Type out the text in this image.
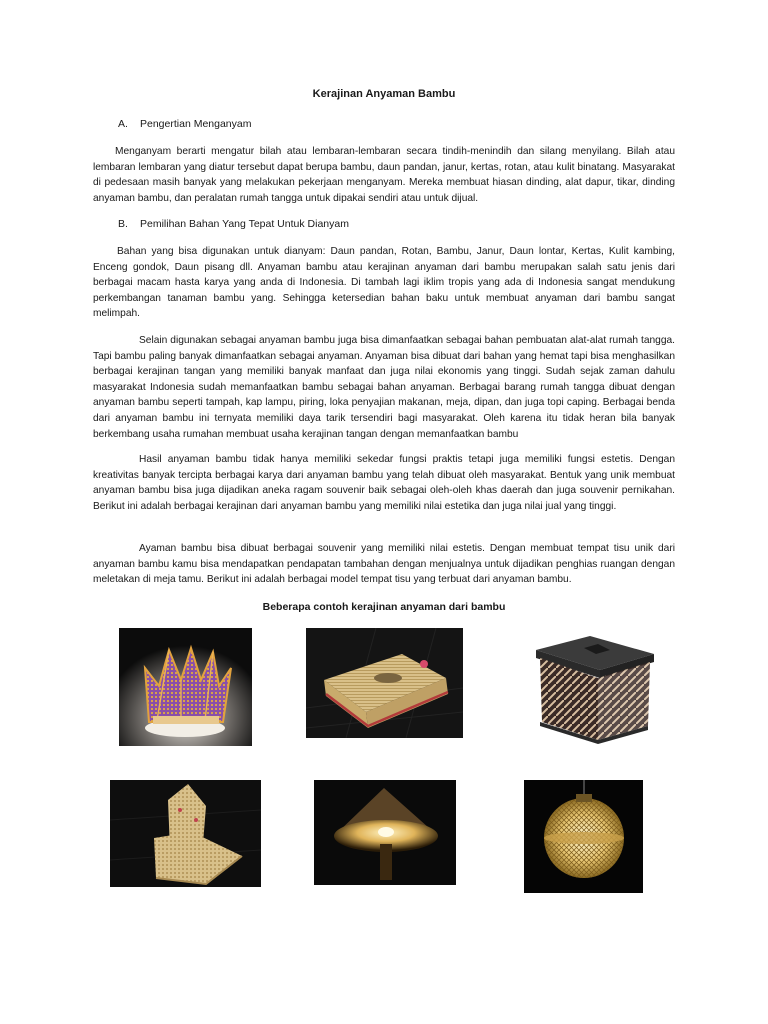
Kerajinan Anyaman Bambu
A. Pengertian Menganyam

Menganyam berarti mengatur bilah atau lembaran-lembaran secara tindih-menindih dan silang menyilang. Bilah atau lembaran lembaran yang diatur tersebut dapat berupa bambu, daun pandan, janur, kertas, rotan, atau kulit binatang. Masyarakat di pedesaan masih banyak yang melakukan pekerjaan menganyam. Mereka membuat hiasan dinding, alat dapur, tikar, dinding anyaman bambu, dan peralatan rumah tangga untuk dipakai sendiri atau untuk dijual.

B. Pemilihan Bahan Yang Tepat Untuk Dianyam

Bahan yang bisa digunakan untuk dianyam: Daun pandan, Rotan, Bambu, Janur, Daun lontar, Kertas, Kulit kambing, Enceng gondok, Daun pisang dll. Anyaman bambu atau kerajinan anyaman dari bambu merupakan salah satu jenis dari berbagai macam hasta karya yang anda di Indonesia. Di tambah lagi iklim tropis yang ada di Indonesia sangat mendukung perkembangan tanaman bambu yang. Sehingga ketersedian bahan baku untuk membuat anyaman dari bambu sangat melimpah.

Selain digunakan sebagai anyaman bambu juga bisa dimanfaatkan sebagai bahan pembuatan alat-alat rumah tangga. Tapi bambu paling banyak dimanfaatkan sebagai anyaman. Anyaman bisa dibuat dari bahan yang hemat tapi bisa menghasilkan berbagai kerajinan tangan yang memiliki banyak manfaat dan juga nilai ekonomis yang tinggi. Sudah sejak zaman dahulu masyarakat Indonesia sudah memanfaatkan bambu sebagai bahan anyaman. Berbagai barang rumah tangga dibuat dengan anyaman bambu seperti tampah, kap lampu, piring, loka penyajian makanan, meja, dipan, dan juga topi caping. Berbagai benda dari anyaman bambu ini ternyata memiliki daya tarik tersendiri bagi masyarakat. Oleh karena itu tidak heran bila banyak berkembang usaha rumahan membuat usaha kerajinan tangan dengan memanfaatkan bambu

Hasil anyaman bambu tidak hanya memiliki sekedar fungsi praktis tetapi juga memiliki fungsi estetis. Dengan kreativitas banyak tercipta berbagai karya dari anyaman bambu yang telah dibuat oleh masyarakat. Bentuk yang unik membuat anyaman bambu bisa juga dijadikan aneka ragam souvenir baik sebagai oleh-oleh khas daerah dan juga souvenir pernikahan. Berikut ini adalah berbagai kerajinan dari anyaman bambu yang memiliki nilai estetika dan juga nilai jual yang tinggi.

Ayaman bambu bisa dibuat berbagai souvenir yang memiliki nilai estetis. Dengan membuat tempat tisu unik dari anyaman bambu kamu bisa mendapatkan pendapatan tambahan dengan menjualnya untuk dijadikan penghias ruangan dengan meletakan di meja tamu. Berikut ini adalah berbagai model tempat tisu yang terbuat dari anyaman bambu.

Beberapa contoh kerajinan anyaman dari bambu
